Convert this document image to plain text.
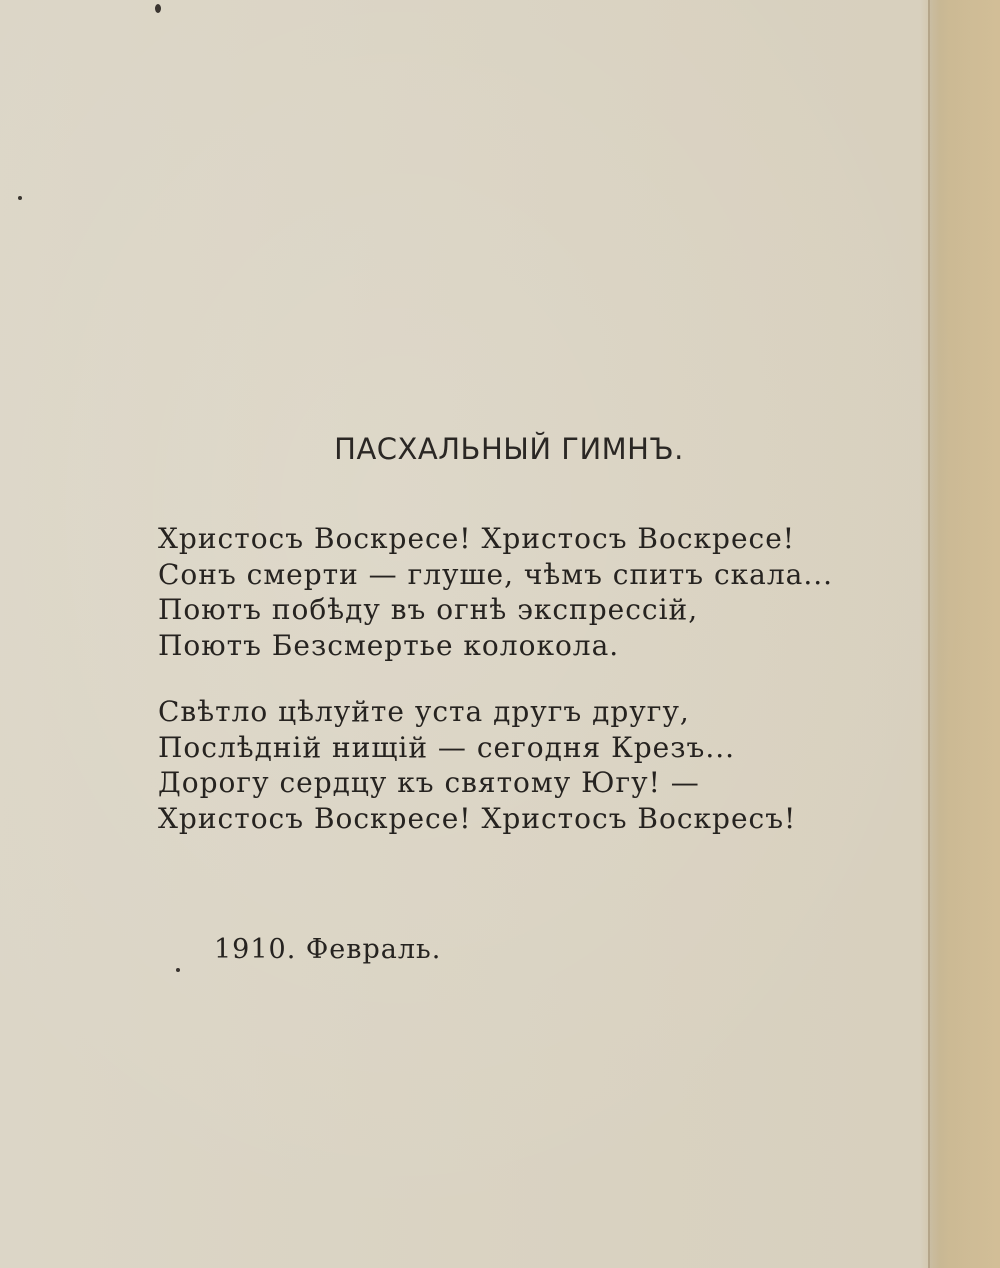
ПАСХАЛЬНЫЙ ГИМНЪ.
Христосъ Воскресе! Христосъ Воскресе!
Сонъ смерти — глуше, чѣмъ спитъ скала...
Поютъ побѣду въ огнѣ экспрессiй,
Поютъ Безсмертье колокола.
Свѣтло цѣлуйте уста другъ другу,
Послѣднiй нищiй — сегодня Крезъ...
Дорогу сердцу къ святому Югу! —
Христосъ Воскресе! Христосъ Воскресъ!
1910. Февраль.
